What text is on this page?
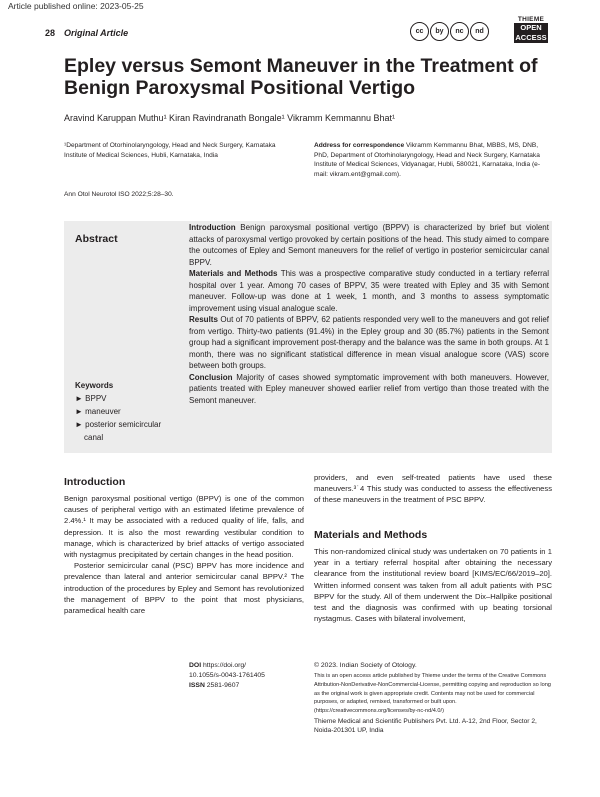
Article published online: 2023-05-25
28 Original Article	cc	by	nc	nd
THIEME
OPEN
ACCESS
Epley versus Semont Maneuver in the Treatment of Benign Paroxysmal Positional Vertigo
Aravind Karuppan Muthu¹ Kiran Ravindranath Bongale¹ Vikramm Kemmannu Bhat¹
¹Department of Otorhinolaryngology, Head and Neck Surgery, Karnataka Institute of Medical Sciences, Hubli, Karnataka, India
Address for correspondence Vikramm Kemmannu Bhat, MBBS, MS, DNB, PhD, Department of Otorhinolaryngology, Head and Neck Surgery, Karnataka Institute of Medical Sciences, Vidyanagar, Hubli, 580021, Karnataka, India (e-mail: vikram.ent@gmail.com).
Ann Otol Neurotol ISO 2022;5:28–30.
Abstract
Keywords
► BPPV
► maneuver
► posterior semicircular
canal

Introduction Benign paroxysmal positional vertigo (BPPV) is characterized by brief but violent attacks of paroxysmal vertigo provoked by certain positions of the head. This study aimed to compare the outcomes of Epley and Semont maneuvers for the relief of vertigo in posterior semicircular canal BPPV.

Materials and Methods This was a prospective comparative study conducted in a tertiary referral hospital over 1 year. Among 70 cases of BPPV, 35 were treated with Epley and 35 with Semont maneuver. Follow-up was done at 1 week, 1 month, and 3 months to assess symptomatic improvement using visual analogue scale.

Results Out of 70 patients of BPPV, 62 patients responded very well to the maneuvers and got relief from vertigo. Thirty-two patients (91.4%) in the Epley group and 30 (85.7%) patients in the Semont group had a significant improvement post-therapy and the balance was the same in both groups. At 1 month, there was no significant statistical difference in mean visual analogue score (VAS) score between both groups.

Conclusion Majority of cases showed symptomatic improvement with both maneuvers. However, patients treated with Epley maneuver showed earlier relief from vertigo than those treated with the Semont maneuver.

Introduction

Benign paroxysmal positional vertigo (BPPV) is one of the common causes of peripheral vertigo with an estimated lifetime prevalence of 2.4%.¹ It may be associated with a reduced quality of life, falls, and depression. It is also the most rewarding vestibular condition to manage, which is characterized by brief attacks of vertigo associated with nystagmus precipitated by certain changes in the head position.

Posterior semicircular canal (PSC) BPPV has more incidence and prevalence than lateral and anterior semicircular canal BPPV.² The introduction of the procedures by Epley and Semont has revolutionized the management of BPPV to the point that most physicians, paramedical health care

providers, and even self-treated patients have used these maneuvers.³˙4 This study was conducted to assess the effectiveness of these maneuvers in the treatment of PSC BPPV.

Materials and Methods
This non-randomized clinical study was undertaken on 70 patients in 1 year in a tertiary referral hospital after obtaining the necessary clearance from the institutional review board [KIMS/EC/66/2019–20]. Written informed consent was taken from all adult patients with PSC BPPV for the study. All of them underwent the Dix–Hallpike positional test and the diagnosis was confirmed with up beating torsional nystagmus. Cases with bilateral involvement,
DOI https://doi.org/
10.1055/s-0043-1761405
ISSN 2581-9607
© 2023. Indian Society of Otology.
This is an open access article published by Thieme under the terms of the Creative Commons Attribution-NonDerivative-NonCommercial-License, permitting copying and reproduction so long as the original work is given appropriate credit. Contents may not be used for commercial purposes, or adapted, remixed, transformed or built upon. (https://creativecommons.org/licenses/by-nc-nd/4.0/)
Thieme Medical and Scientific Publishers Pvt. Ltd. A-12, 2nd Floor, Sector 2, Noida-201301 UP, India
